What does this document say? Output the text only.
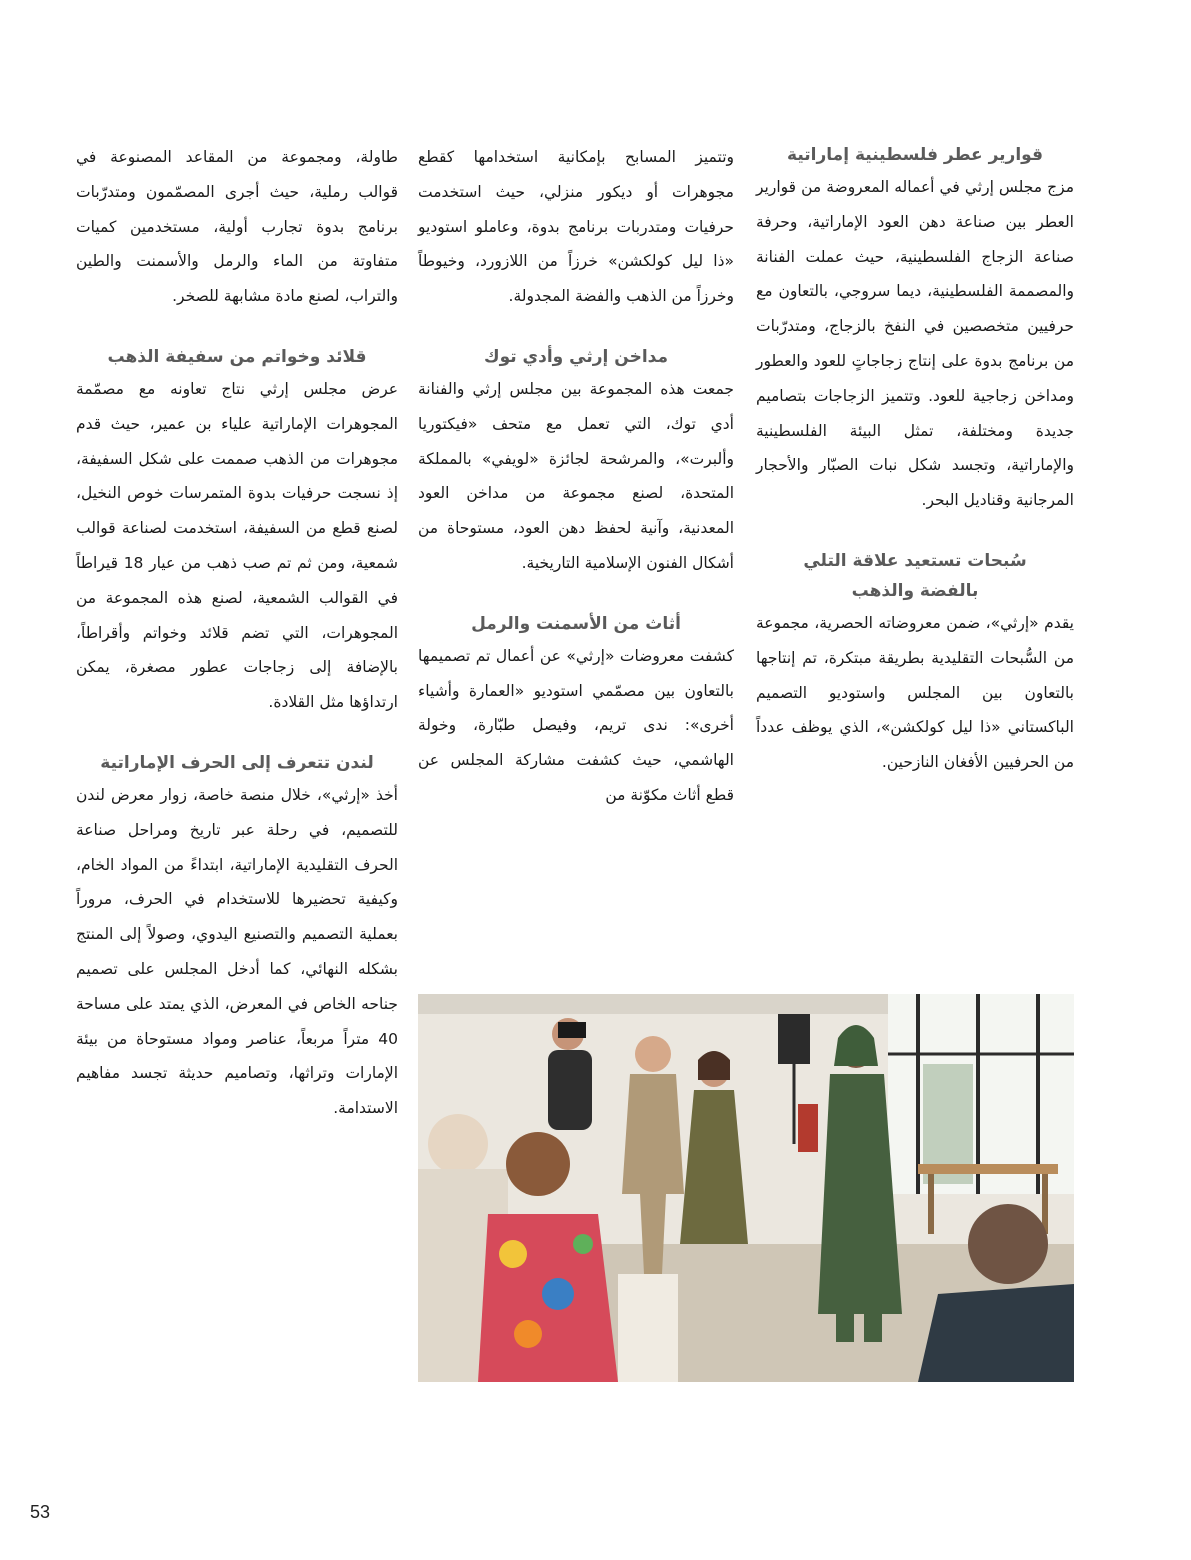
قوارير عطر فلسطينية إماراتية

مزج مجلس إرثي في أعماله المعروضة من قوارير العطر بين صناعة دهن العود الإماراتية، وحرفة صناعة الزجاج الفلسطينية، حيث عملت الفنانة والمصممة الفلسطينية، ديما سروجي، بالتعاون مع حرفيين متخصصين في النفخ بالزجاج، ومتدرّبات من برنامج بدوة على إنتاج زجاجاتٍ للعود والعطور ومداخن زجاجية للعود. وتتميز الزجاجات بتصاميم جديدة ومختلفة، تمثل البيئة الفلسطينية والإماراتية، وتجسد شكل نبات الصبّار والأحجار المرجانية وقناديل البحر.

سُبحات تستعيد علاقة التلي
بالفضة والذهب

يقدم «إرثي»، ضمن معروضاته الحصرية، مجموعة من السُّبحات التقليدية بطريقة مبتكرة، تم إنتاجها بالتعاون بين المجلس واستوديو التصميم الباكستاني «ذا ليل كولكشن»، الذي يوظف عدداً من الحرفيين الأفغان النازحين.

وتتميز المسابح بإمكانية استخدامها كقطع مجوهرات أو ديكور منزلي، حيث استخدمت حرفيات ومتدربات برنامج بدوة، وعاملو استوديو «ذا ليل كولكشن» خرزاً من اللازورد، وخيوطاً وخرزاً من الذهب والفضة المجدولة.

مداخن إرثي وأدي توك

جمعت هذه المجموعة بين مجلس إرثي والفنانة أدي توك، التي تعمل مع متحف «فيكتوريا وألبرت»، والمرشحة لجائزة «لويفي» بالمملكة المتحدة، لصنع مجموعة من مداخن العود المعدنية، وآنية لحفظ دهن العود، مستوحاة من أشكال الفنون الإسلامية التاريخية.

أثاث من الأسمنت والرمل

كشفت معروضات «إرثي» عن أعمال تم تصميمها بالتعاون بين مصمّمي استوديو «العمارة وأشياء أخرى»: ندى تريم، وفيصل طبّارة، وخولة الهاشمي، حيث كشفت مشاركة المجلس عن قطع أثاث مكوّنة من

طاولة، ومجموعة من المقاعد المصنوعة في قوالب رملية، حيث أجرى المصمّمون ومتدرّبات برنامج بدوة تجارب أولية، مستخدمين كميات متفاوتة من الماء والرمل والأسمنت والطين والتراب، لصنع مادة مشابهة للصخر.

قلائد وخواتم من سفيفة الذهب

عرض مجلس إرثي نتاج تعاونه مع مصمّمة المجوهرات الإماراتية علياء بن عمير، حيث قدم مجوهرات من الذهب صممت على شكل السفيفة، إذ نسجت حرفيات بدوة المتمرسات خوص النخيل، لصنع قطع من السفيفة، استخدمت لصناعة قوالب شمعية، ومن ثم تم صب ذهب من عيار 18 قيراطاً في القوالب الشمعية، لصنع هذه المجموعة من المجوهرات، التي تضم قلائد وخواتم وأقراطاً، بالإضافة إلى زجاجات عطور مصغرة، يمكن ارتداؤها مثل القلادة.

لندن تتعرف إلى الحرف الإماراتية

أخذ «إرثي»، خلال منصة خاصة، زوار معرض لندن للتصميم، في رحلة عبر تاريخ ومراحل صناعة الحرف التقليدية الإماراتية، ابتداءً من المواد الخام، وكيفية تحضيرها للاستخدام في الحرف، مروراً بعملية التصميم والتصنيع اليدوي، وصولاً إلى المنتج بشكله النهائي، كما أدخل المجلس على تصميم جناحه الخاص في المعرض، الذي يمتد على مساحة 40 متراً مربعاً، عناصر ومواد مستوحاة من بيئة الإمارات وتراثها، وتصاميم حديثة تجسد مفاهيم الاستدامة.

53
